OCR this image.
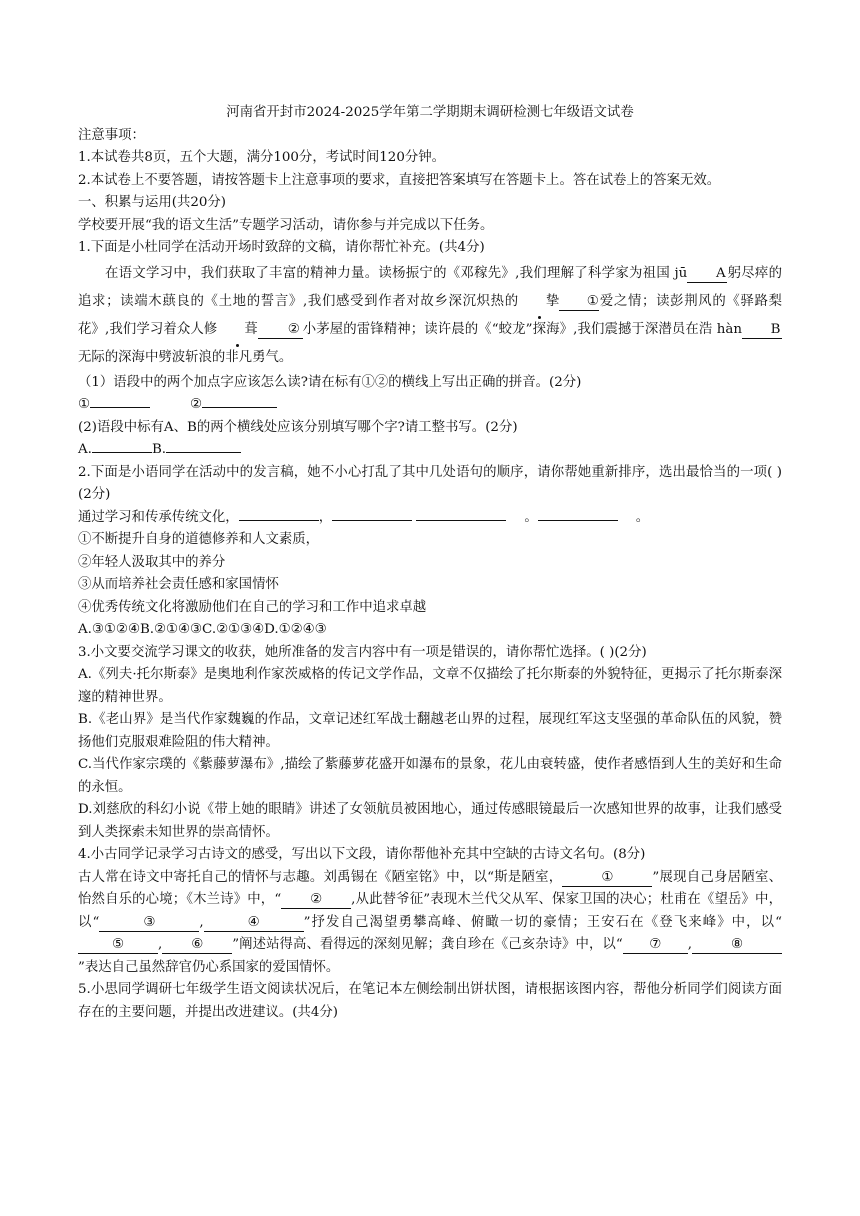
河南省开封市2024-2025学年第二学期期末调研检测七年级语文试卷

注意事项：

1.本试卷共8页，五个大题，满分100分，考试时间120分钟。

2.本试卷上不要答题，请按答题卡上注意事项的要求，直接把答案填写在答题卡上。答在试卷上的答案无效。

一、积累与运用(共20分)

学校要开展“我的语文生活”专题学习活动，请你参与并完成以下任务。

1.下面是小杜同学在活动开场时致辞的文稿，请你帮忙补充。(共4分)

在语文学习中，我们获取了丰富的精神力量。读杨振宁的《邓稼先》,我们理解了科学家为祖国 jū A 躬尽瘁的追求；读端木蕻良的《土地的誓言》,我们感受到作者对故乡深沉炽热的 挚 ①爱之情；读彭荆风的《驿路梨花》,我们学习着众人修 葺 ② 小茅屋的雷锋精神；读许晨的《“蛟龙”探海》,我们震撼于深潜员在浩 hàn B无际的深海中劈波斩浪的非凡勇气。

（1）语段中的两个加点字应该怎么读?请在标有①②的横线上写出正确的拼音。(2分)

①	②

(2)语段中标有A、B的两个横线处应该分别填写哪个字?请工整书写。(2分)

A.	B.

2.下面是小语同学在活动中的发言稿，她不小心打乱了其中几处语句的顺序，请你帮她重新排序，选出最恰当的一项( )(2分)

通过学习和传承传统文化，	，	。	。

①不断提升自身的道德修养和人文素质，

②年轻人汲取其中的养分

③从而培养社会责任感和家国情怀

④优秀传统文化将激励他们在自己的学习和工作中追求卓越

A.③①②④B.②①④③C.②①③④D.①②④③

3.小文要交流学习课文的收获，她所准备的发言内容中有一项是错误的，请你帮忙选择。( )(2分)

A.《列夫·托尔斯泰》是奥地利作家茨威格的传记文学作品，文章不仅描绘了托尔斯泰的外貌特征，更揭示了托尔斯泰深邃的精神世界。

B.《老山界》是当代作家魏巍的作品，文章记述红军战士翻越老山界的过程，展现红军这支坚强的革命队伍的风貌，赞扬他们克服艰难险阻的伟大精神。

C.当代作家宗璞的《紫藤萝瀑布》,描绘了紫藤萝花盛开如瀑布的景象，花儿由衰转盛，使作者感悟到人生的美好和生命的永恒。

D.刘慈欣的科幻小说《带上她的眼睛》讲述了女领航员被困地心，通过传感眼镜最后一次感知世界的故事，让我们感受到人类探索未知世界的崇高情怀。

4.小古同学记录学习古诗文的感受，写出以下文段，请你帮他补充其中空缺的古诗文名句。(8分)

古人常在诗文中寄托自己的情怀与志趣。刘禹锡在《陋室铭》中，以“斯是陋室，	①	”展现自己身居陋室、怡然自乐的心境；《木兰诗》中，“ ② ,从此替爷征”表现木兰代父从军、保家卫国的决心；杜甫在《望岳》中，以“	③	,	④	”抒发自己渴望勇攀高峰、俯瞰一切的豪情；王安石在《登飞来峰》中，以“⑤	, ⑥ ”阐述站得高、看得远的深刻见解；龚自珍在《己亥杂诗》中，以“ ⑦ ,	⑧”表达自己虽然辞官仍心系国家的爱国情怀。

5.小思同学调研七年级学生语文阅读状况后，在笔记本左侧绘制出饼状图，请根据该图内容，帮他分析同学们阅读方面存在的主要问题，并提出改进建议。(共4分)
